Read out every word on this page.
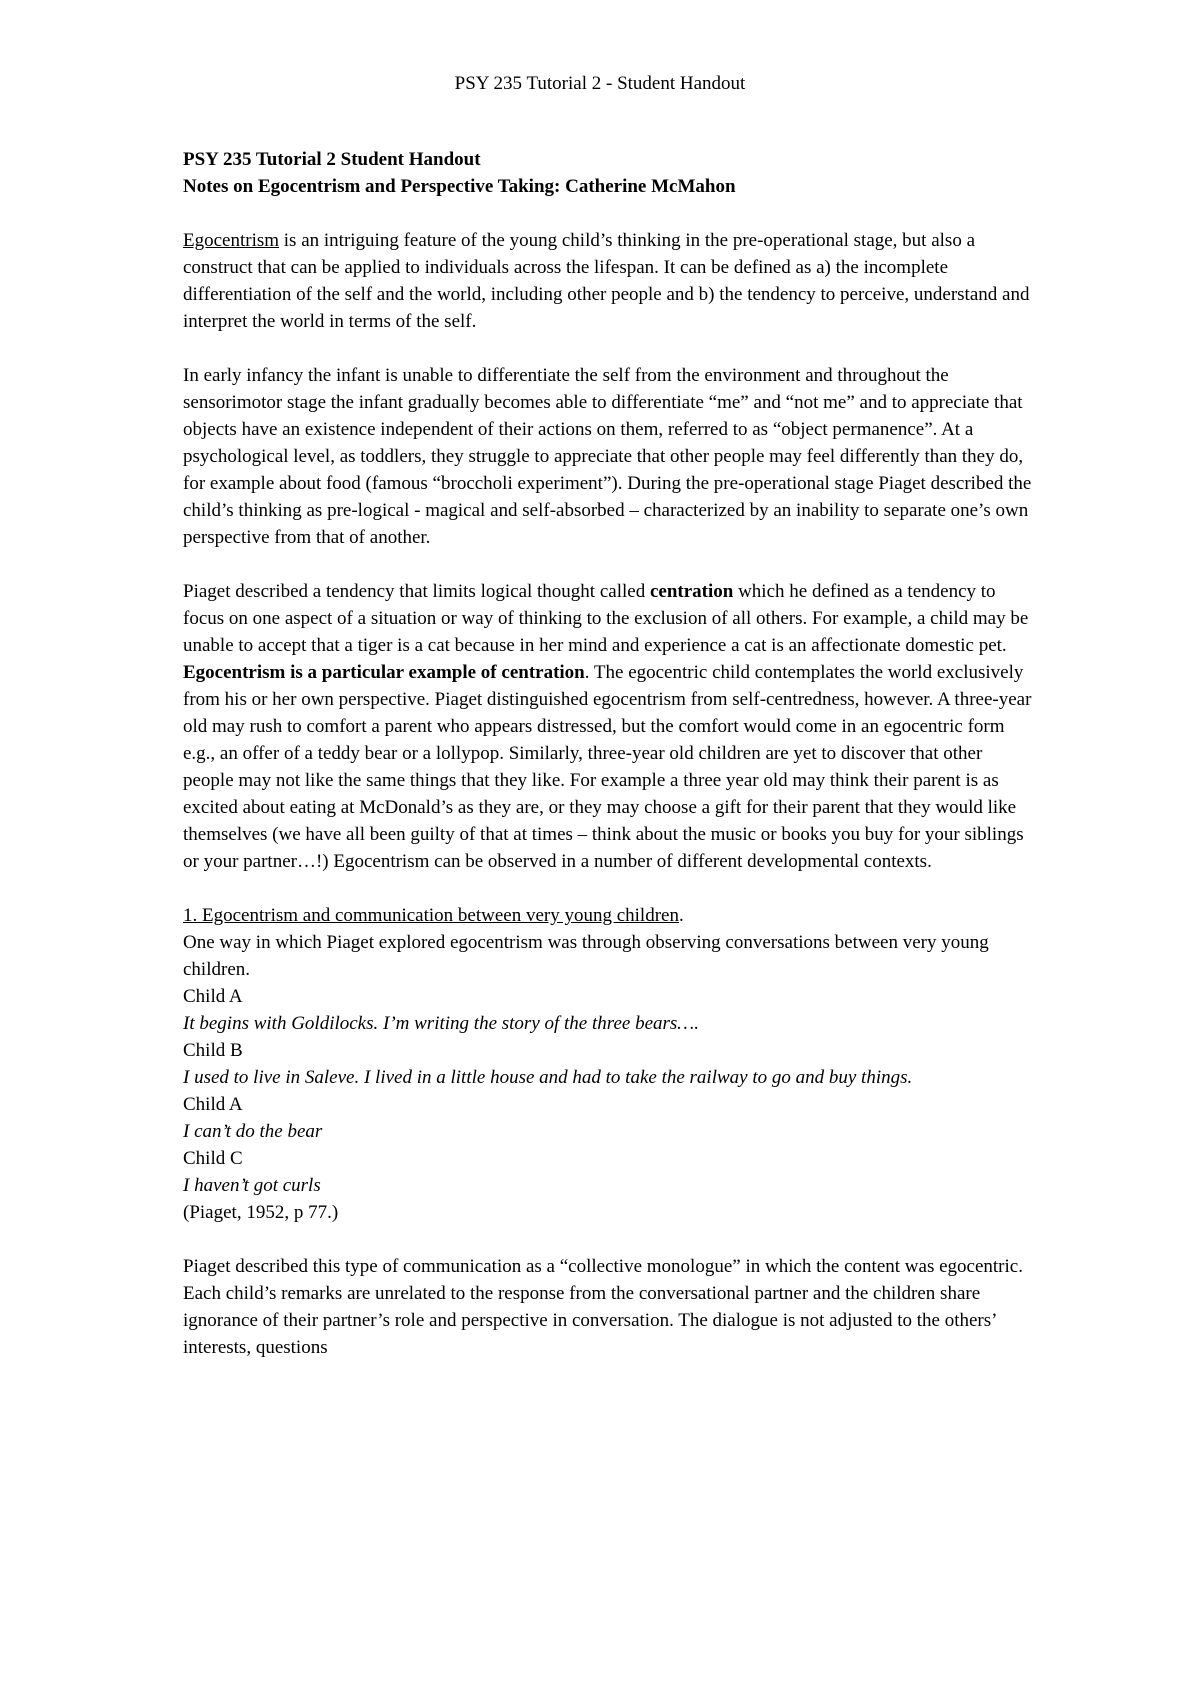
PSY 235 Tutorial 2 - Student Handout
PSY 235 Tutorial 2 Student Handout
Notes on Egocentrism and Perspective Taking: Catherine McMahon

Egocentrism is an intriguing feature of the young child’s thinking in the pre-operational stage, but also a construct that can be applied to individuals across the lifespan. It can be defined as a) the incomplete differentiation of the self and the world, including other people and b) the tendency to perceive, understand and interpret the world in terms of the self.

In early infancy the infant is unable to differentiate the self from the environment and throughout the sensorimotor stage the infant gradually becomes able to differentiate “me” and “not me” and to appreciate that objects have an existence independent of their actions on them, referred to as “object permanence”. At a psychological level, as toddlers, they struggle to appreciate that other people may feel differently than they do, for example about food (famous “broccholi experiment”). During the pre-operational stage Piaget described the child’s thinking as pre-logical - magical and self-absorbed – characterized by an inability to separate one’s own perspective from that of another.

Piaget described a tendency that limits logical thought called centration which he defined as a tendency to focus on one aspect of a situation or way of thinking to the exclusion of all others. For example, a child may be unable to accept that a tiger is a cat because in her mind and experience a cat is an affectionate domestic pet. Egocentrism is a particular example of centration. The egocentric child contemplates the world exclusively from his or her own perspective. Piaget distinguished egocentrism from self-centredness, however. A three-year old may rush to comfort a parent who appears distressed, but the comfort would come in an egocentric form e.g., an offer of a teddy bear or a lollypop. Similarly, three-year old children are yet to discover that other people may not like the same things that they like. For example a three year old may think their parent is as excited about eating at McDonald’s as they are, or they may choose a gift for their parent that they would like themselves (we have all been guilty of that at times – think about the music or books you buy for your siblings or your partner…!) Egocentrism can be observed in a number of different developmental contexts.

1. Egocentrism and communication between very young children.
One way in which Piaget explored egocentrism was through observing conversations between very young children.
Child A
It begins with Goldilocks. I’m writing the story of the three bears….
Child B
I used to live in Saleve. I lived in a little house and had to take the railway to go and buy things.
Child A
I can’t do the bear
Child C
I haven’t got curls

(Piaget, 1952, p 77.)

Piaget described this type of communication as a “collective monologue” in which the content was egocentric. Each child’s remarks are unrelated to the response from the conversational partner and the children share ignorance of their partner’s role and perspective in conversation. The dialogue is not adjusted to the others’ interests, questions
